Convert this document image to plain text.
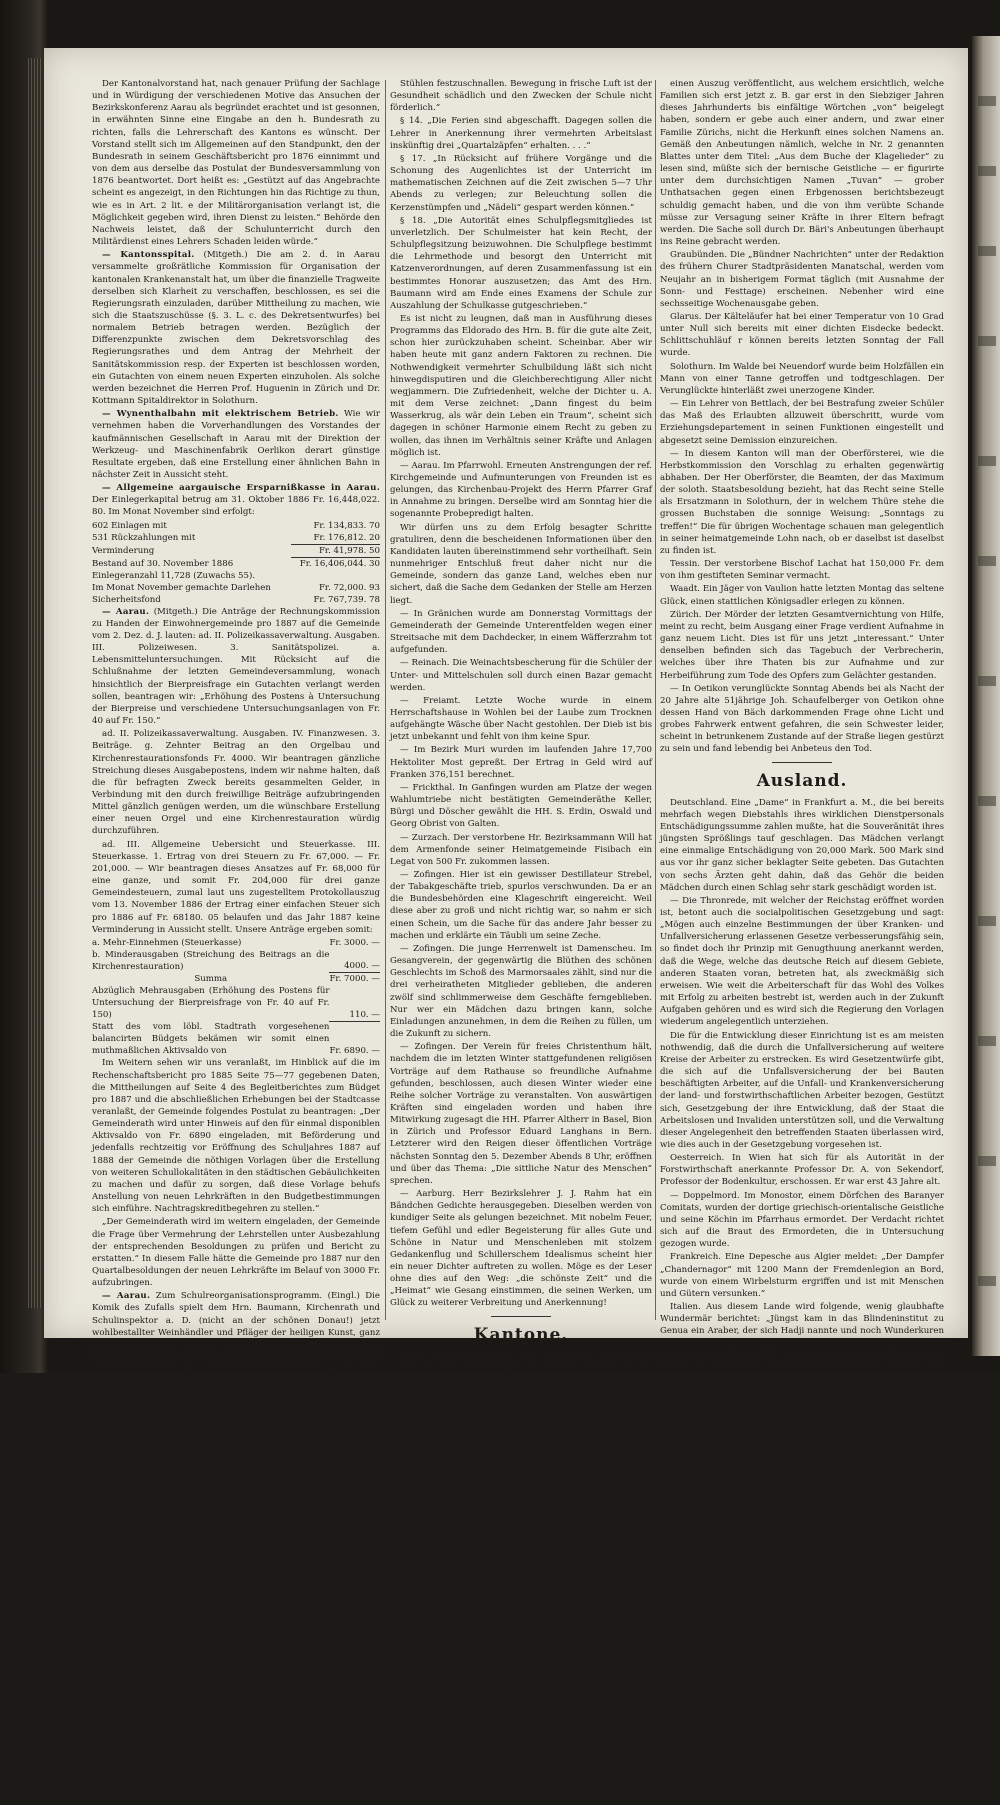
Der Kantonalvorstand hat, nach genauer Prüfung der Sachlage und in Würdigung der verschiedenen Motive das Ansuchen der Bezirkskonferenz Aarau als begründet erachtet und ist gesonnen, in erwähnten Sinne eine Eingabe an den h. Bundesrath zu richten, falls die Lehrerschaft des Kantons es wünscht. Der Vorstand stellt sich im Allgemeinen auf den Standpunkt, den der Bundesrath in seinem Geschäftsbericht pro 1876 einnimmt und von dem aus derselbe das Postulat der Bundesversammlung von 1876 beantwortet. Dort heißt es: „Gestützt auf das Angebrachte scheint es angezeigt, in den Richtungen hin das Richtige zu thun, wie es in Art. 2 lit. e der Militärorganisation verlangt ist, die Möglichkeit gegeben wird, ihren Dienst zu leisten.“ Behörde den Nachweis leistet, daß der Schulunterricht durch den Militärdienst eines Lehrers Schaden leiden würde.“

— Kantonsspital. (Mitgeth.) Die am 2. d. in Aarau versammelte großrätliche Kommission für Organisation der kantonalen Krankenanstalt hat, um über die finanzielle Tragweite derselben sich Klarheit zu verschaffen, beschlossen, es sei die Regierungsrath einzuladen, darüber Mittheilung zu machen, wie sich die Staatszuschüsse (§. 3. L. c. des Dekretsentwurfes) bei normalem Betrieb betragen werden. Bezüglich der Differenzpunkte zwischen dem Dekretsvorschlag des Regierungsrathes und dem Antrag der Mehrheit der Sanitätskommission resp. der Experten ist beschlossen worden, ein Gutachten von einem neuen Experten einzuholen. Als solche werden bezeichnet die Herren Prof. Huguenin in Zürich und Dr. Kottmann Spitaldirektor in Solothurn.

— Wynenthalbahn mit elektrischem Betrieb. Wie wir vernehmen haben die Vorverhandlungen des Vorstandes der kaufmännischen Gesellschaft in Aarau mit der Direktion der Werkzeug- und Maschinenfabrik Oerlikon derart günstige Resultate ergeben, daß eine Erstellung einer ähnlichen Bahn in nächster Zeit in Aussicht steht.

— Allgemeine aargauische Ersparnißkasse in Aarau. Der Einlegerkapital betrug am 31. Oktober 1886 Fr. 16,448,022. 80. Im Monat November sind erfolgt:

602 Einlagen mit	Fr. 134,833. 70
531 Rückzahlungen mit	Fr. 176,812. 20
Verminderung	Fr. 41,978. 50
Bestand auf 30. November 1886	Fr. 16,406,044. 30
Einlegeranzahl 11,728 (Zuwachs 55).	
Im Monat November gemachte Darlehen	Fr. 72,000. 93
Sicherheitsfond	Fr. 767,739. 78

— Aarau. (Mitgeth.) Die Anträge der Rechnungskommission zu Handen der Einwohnergemeinde pro 1887 auf die Gemeinde vom 2. Dez. d. J. lauten: ad. II. Polizeikassaverwaltung. Ausgaben. III. Polizeiwesen. 3. Sanitätspolizei. a. Lebensmitteluntersuchungen. Mit Rücksicht auf die Schlußnahme der letzten Gemeindeversammlung, wonach hinsichtlich der Bierpreisfrage ein Gutachten verlangt werden sollen, beantragen wir: „Erhöhung des Postens à Untersuchung der Bierpreise und verschiedene Untersuchungsanlagen von Fr. 40 auf Fr. 150.“

ad. II. Polizeikassaverwaltung. Ausgaben. IV. Finanzwesen. 3. Beiträge. g. Zehnter Beitrag an den Orgelbau und Kirchenrestaurationsfonds Fr. 4000. Wir beantragen gänzliche Streichung dieses Ausgabepostens, indem wir nahme halten, daß die für befragten Zweck bereits gesammelten Gelder, in Verbindung mit den durch freiwillige Beiträge aufzubringenden Mittel gänzlich genügen werden, um die wünschbare Erstellung einer neuen Orgel und eine Kirchenrestauration würdig durchzuführen.

ad. III. Allgemeine Uebersicht und Steuerkasse. III. Steuerkasse. 1. Ertrag von drei Steuern zu Fr. 67,000. — Fr. 201,000. — Wir beantragen dieses Ansatzes auf Fr. 68,000 für eine ganze, und somit Fr. 204,000 für drei ganze Gemeindesteuern, zumal laut uns zugestelltem Protokollauszug vom 13. November 1886 der Ertrag einer einfachen Steuer sich pro 1886 auf Fr. 68180. 05 belaufen und das Jahr 1887 keine Verminderung in Aussicht stellt. Unsere Anträge ergeben somit:

a. Mehr-Einnehmen (Steuerkasse)	Fr. 3000. —
b. Minderausgaben (Streichung des Beitrags an die Kirchenrestauration)	4000. —
Summa	Fr. 7000. —
Abzüglich Mehrausgaben (Erhöhung des Postens für Untersuchung der Bierpreisfrage von Fr. 40 auf Fr. 150)	110. —
Statt des vom löbl. Stadtrath vorgesehenen balancirten Büdgets bekämen wir somit einen muthmaßlichen Aktivsaldo von	Fr. 6890. —

Im Weitern sehen wir uns veranlaßt, im Hinblick auf die im Rechenschaftsbericht pro 1885 Seite 75—77 gegebenen Daten, die Mittheilungen auf Seite 4 des Begleitberichtes zum Büdget pro 1887 und die abschließlichen Erhebungen bei der Stadtcasse veranlaßt, der Gemeinde folgendes Postulat zu beantragen: „Der Gemeinderath wird unter Hinweis auf den für einmal disponiblen Aktivsaldo von Fr. 6890 eingeladen, mit Beförderung und jedenfalls rechtzeitig vor Eröffnung des Schuljahres 1887 auf 1888 der Gemeinde die nöthigen Vorlagen über die Erstellung von weiteren Schullokalitäten in den städtischen Gebäulichkeiten zu machen und dafür zu sorgen, daß diese Vorlage behufs Anstellung von neuen Lehrkräften in den Budgetbestimmungen sich einführe. Nachtragskreditbegehren zu stellen.“

„Der Gemeinderath wird im weitern eingeladen, der Gemeinde die Frage über Vermehrung der Lehrstellen unter Ausbezahlung der entsprechenden Besoldungen zu prüfen und Bericht zu erstatten.“ In diesem Falle hätte die Gemeinde pro 1887 nur den Quartalbesoldungen der neuen Lehrkräfte im Belauf von 3000 Fr. aufzubringen.

— Aarau. Zum Schulreorganisationsprogramm. (Eingl.) Die Komik des Zufalls spielt dem Hrn. Baumann, Kirchenrath und Schulinspektor a. D. (nicht an der schönen Donau!) jetzt wohlbestallter Weinhändler und Pfläger der heiligen Kunst, ganz artige Schnippchen. Die Art und Weise, wie er in seiner Jugend seine Ausdrücke wählte, ist für einmal gesagt: „Käse, Schnäbeli und Hörnli“ könnte einer heutigen Zeit nicht mehr passen. Sein Postulat hat dies mit seinem lebhaften Sekundärunterrichte zu thun, der in keiner Weise einem „modernen“ Bildungswesen entsprach. Dieser § 11 heißt:

„Das Maximum der Schülerzahl einer Schulklasse darf 200 nicht übersteigen. Behufs Aufrechterhaltung der Ordnung ist für je zwanzig Schüler von dem Lehrer ein Monitor (Aufseher) zu bezeichnen, welche unter Aufsicht des Lehrers (Wachhalter) für ihre Schüler zu sorgen.“ Ferner: „§ 12. Zur Verhütung etwaigen Zeitverlusts bei dem Stundenwechsel ist nach der Dauer einer Unterrichtsstunde je 63 Minuten ausgelassen, daß der Lehrer und die Schüler der nachfolgenden Klasse im Schulzimmer ist zu sorgen. Der Unterricht darf nicht gestört werden.“

§ 13. „Um Störungen zu vermeiden, sind die Kinder an den

Stühlen festzuschnallen. Bewegung in frische Luft ist der Gesundheit schädlich und den Zwecken der Schule nicht förderlich.“

§ 14. „Die Ferien sind abgeschafft. Dagegen sollen die Lehrer in Anerkennung ihrer vermehrten Arbeitslast inskünftig drei „Quartalzäpfen“ erhalten. . . .“

§ 17. „In Rücksicht auf frühere Vorgänge und die Schonung des Augenlichtes ist der Unterricht im mathematischen Zeichnen auf die Zeit zwischen 5—7 Uhr Abends zu verlegen; zur Beleuchtung sollen die Kerzenstümpfen und „Nädeli“ gespart werden können.“

§ 18. „Die Autorität eines Schulpflegsmitgliedes ist unverletzlich. Der Schulmeister hat kein Recht, der Schulpflegsitzung beizuwohnen. Die Schulpflege bestimmt die Lehrmethode und besorgt den Unterricht mit Katzenverordnungen, auf deren Zusammenfassung ist ein bestimmtes Honorar auszusetzen; das Amt des Hrn. Baumann wird am Ende eines Examens der Schule zur Auszahlung der Schulkasse gutgeschrieben.“

Es ist nicht zu leugnen, daß man in Ausführung dieses Programms das Eldorado des Hrn. B. für die gute alte Zeit, schon hier zurückzuhaben scheint. Scheinbar. Aber wir haben heute mit ganz andern Faktoren zu rechnen. Die Nothwendigkeit vermehrter Schulbildung läßt sich nicht hinwegdisputiren und die Gleichberechtigung Aller nicht wegjammern. Die Zufriedenheit, welche der Dichter u. A. mit dem Verse zeichnet: „Dann fingest du beim Wasserkrug, als wär dein Leben ein Traum“, scheint sich dagegen in schöner Harmonie einem Recht zu geben zu wollen, das ihnen im Verhältnis seiner Kräfte und Anlagen möglich ist.

— Aarau. Im Pfarrwohl. Erneuten Anstrengungen der ref. Kirchgemeinde und Aufmunterungen von Freunden ist es gelungen, das Kirchenbau-Projekt des Herrn Pfarrer Graf in Annahme zu bringen. Derselbe wird am Sonntag hier die sogenannte Probepredigt halten.

Wir dürfen uns zu dem Erfolg besagter Schritte gratuliren, denn die bescheidenen Informationen über den Kandidaten lauten übereinstimmend sehr vortheilhaft. Sein nunmehriger Entschluß freut daher nicht nur die Gemeinde, sondern das ganze Land, welches eben nur sichert, daß die Sache dem Gedanken der Stelle am Herzen liegt.

— In Gränichen wurde am Donnerstag Vormittags der Gemeinderath der Gemeinde Unterentfelden wegen einer Streitsache mit dem Dachdecker, in einem Wäfferzrahm tot aufgefunden.

— Reinach. Die Weinachtsbescherung für die Schüler der Unter- und Mittelschulen soll durch einen Bazar gemacht werden.

— Freiamt. Letzte Woche wurde in einem Herrschaftshause in Wohlen bei der Laube zum Trocknen aufgehängte Wäsche über Nacht gestohlen. Der Dieb ist bis jetzt unbekannt und fehlt von ihm keine Spur.

— Im Bezirk Muri wurden im laufenden Jahre 17,700 Hektoliter Most gepreßt. Der Ertrag in Geld wird auf Franken 376,151 berechnet.

— Frickthal. In Ganfingen wurden am Platze der wegen Wahlumtriebe nicht bestätigten Gemeinderäthe Keller, Bürgi und Döscher gewählt die HH. S. Erdin, Oswald und Georg Obrist von Galten.

— Zurzach. Der verstorbene Hr. Bezirksammann Will hat dem Armenfonde seiner Heimatgemeinde Fisibach ein Legat von 500 Fr. zukommen lassen.

— Zofingen. Hier ist ein gewisser Destillateur Strebel, der Tabakgeschäfte trieb, spurlos verschwunden. Da er an die Bundesbehörden eine Klageschrift eingereicht. Weil diese aber zu groß und nicht richtig war, so nahm er sich einen Schein, um die Sache für das andere Jahr besser zu machen und erklärte ein Täubli um seine Zeche.

— Zofingen. Die junge Herrenwelt ist Damenscheu. Im Gesangverein, der gegenwärtig die Blüthen des schönen Geschlechts im Schoß des Marmorsaales zählt, sind nur die drei verheiratheten Mitglieder geblieben, die anderen zwölf sind schlimmerweise dem Geschäfte ferngeblieben. Nur wer ein Mädchen dazu bringen kann, solche Einladungen anzunehmen, in dem die Reihen zu füllen, um die Zukunft zu sichern.

— Zofingen. Der Verein für freies Christenthum hält, nachdem die im letzten Winter stattgefundenen religiösen Vorträge auf dem Rathause so freundliche Aufnahme gefunden, beschlossen, auch diesen Winter wieder eine Reihe solcher Vorträge zu veranstalten. Von auswärtigen Kräften sind eingeladen worden und haben ihre Mitwirkung zugesagt die HH. Pfarrer Altherr in Basel, Bion in Zürich und Professor Eduard Langhans in Bern. Letzterer wird den Reigen dieser öffentlichen Vorträge nächsten Sonntag den 5. Dezember Abends 8 Uhr, eröffnen und über das Thema: „Die sittliche Natur des Menschen“ sprechen.

— Aarburg. Herr Bezirkslehrer J. J. Rahm hat ein Bändchen Gedichte herausgegeben. Dieselben werden von kundiger Seite als gelungen bezeichnet. Mit nobelm Feuer, tiefem Gefühl und edler Begeisterung für alles Gute und Schöne in Natur und Menschenleben mit stolzem Gedankenflug und Schillerschem Idealismus scheint hier ein neuer Dichter auftreten zu wollen. Möge es der Leser ohne dies auf den Weg: „die schönste Zeit“ und die „Heimat“ wie Gesang einstimmen, die seinen Werken, um Glück zu weiterer Verbreitung und Anerkennung!

Kantone.

Basel. In den Anlagen der Claramatte wurde der Leichnam einer Frauensperson entdeckt, welche in der Montag-Nacht, ihren Tod durch Erwürgen gefunden hatte. Als des Raubmordes verdächtig ist ein junger Arbeiter und Bursch verhaftet worden, der sich mit der Frauensperson in den Lokalen hatte sehen lassen und welcher bei der Verhaftung seine Uhr auf seine Schuldwissenschaft hinweist. Die Verhaftung ist daher nicht zu leugnen.

— Am 21. November hielt Herr Professor Bunge einen Vortrag wider den Alkoholgenuß. Derselbe schien nicht ganz die wünschenswerthen Folgen bleiben zu sollen. Unter der Basler Studentenschaft ist ein Verein entstanden, der sich gemeinsam mit der Überzeugung ausgesprochen, daß der Alkohol Gift, in dem Genuß dieses gefährlichen Stoffes gänzlich entsagen werde.

— Basel. Der gewesene Lehrer Duthaler wurde wegen Unterschlagung zu 2½ Jahren Zuchthaus, 10 Jahre Einstellung im Aktiv-Bürgerrecht, Schadenersatz und Deckung der Prozeßkosten verurtheilt.

Baselland. Einen vernünftigen Beschluß faßte die Gemeinde Lupsingen, indem sie daß Hochzeitschießen, bei dem schon so viel Unglück entstand, verbot. Verboten werden auf das ebenfalls beliebte Sell- und Kettenspannen über die Straße, beiden Passanten schon manches schreckliche Ungemach begegnet ist und die bei Bestrafung nicht mehr geduldet werden soll.

Bern. Im Offiziersverein der Stadt Bern hielt Oberst Feiß einen Vortrag über das „Unternehmen des gesammten Militärwesens durch den Bund“.

— Bern. Die von „Dr. Bäri“ herausgegebene zweite Nummer seines Werkes „Weiß- und Schwarzes“ lasse an Schärfe und Grimmigkeit an ingrimmiger Verfolgung alles Faulen „im Staate Dänemark“ wenig zu wünschen übrig. Wer sich mit den üblen Zuständen im Bernerland vertraut machen will, wird in den Blättern manches finden, das er bisher noch nicht kannte. Im Ganzen ein Buch, das wir allen Lesern empfehlen.

einen Auszug veröffentlicht, aus welchem ersichtlich, welche Familien sich erst jetzt z. B. gar erst in den Siebziger Jahren dieses Jahrhunderts bis einfältige Wörtchen „von“ beigelegt haben, sondern er gebe auch einer andern, und zwar einer Familie Zürichs, nicht die Herkunft eines solchen Namens an. Gemäß den Anbeutungen nämlich, welche in Nr. 2 genannten Blattes unter dem Titel: „Aus dem Buche der Klagelieder“ zu lesen sind, müßte sich der bernische Geistliche — er figurirte unter dem durchsichtigen Namen „Tuvan“ — grober Unthatsachen gegen einen Erbgenossen berichtsbezeugt schuldig gemacht haben, und die von ihm verübte Schande müsse zur Versagung seiner Kräfte in ihrer Eltern befragt werden. Die Sache soll durch Dr. Bäri's Anbeutungen überhaupt ins Reine gebracht werden.

Graubünden. Die „Bündner Nachrichten“ unter der Redaktion des frühern Churer Stadtpräsidenten Manatschal, werden vom Neujahr an in bisherigem Format täglich (mit Ausnahme der Sonn- und Festtage) erscheinen. Nebenher wird eine sechsseitige Wochenausgabe geben.

Glarus. Der Kälteläufer hat bei einer Temperatur von 10 Grad unter Null sich bereits mit einer dichten Eisdecke bedeckt. Schlittschuhläuf r können bereits letzten Sonntag der Fall wurde.

Solothurn. Im Walde bei Neuendorf wurde beim Holzfällen ein Mann von einer Tanne getroffen und todtgeschlagen. Der Verunglückte hinterläßt zwei unerzogene Kinder.

— Ein Lehrer von Bettlach, der bei Bestrafung zweier Schüler das Maß des Erlaubten allzuweit überschritt, wurde vom Erziehungsdepartement in seinen Funktionen eingestellt und abgesetzt seine Demission einzureichen.

— In diesem Kanton will man der Oberförsterei, wie die Herbstkommission den Vorschlag zu erhalten gegenwärtig abhaben. Der Her Oberförster, die Beamten, der das Maximum der soloth. Staatsbesoldung bezieht, hat das Recht seine Stelle als Ersatzmann in Solothurn, der in welchem Thüre stehe die grossen Buchstaben die sonnige Weisung: „Sonntags zu treffen!“ Die für übrigen Wochentage schauen man gelegentlich in seiner heimatgemeinde Lohn nach, ob er daselbst ist daselbst zu finden ist.

Tessin. Der verstorbene Bischof Lachat hat 150,000 Fr. dem von ihm gestifteten Seminar vermacht.

Waadt. Ein Jäger von Vaulion hatte letzten Montag das seltene Glück, einen stattlichen Königsadler erlegen zu können.

Zürich. Der Mörder der letzten Gesamtvernichtung von Hilfe, meint zu recht, beim Ausgang einer Frage verdient Aufnahme in ganz neuem Licht. Dies ist für uns jetzt „interessant.“ Unter denselben befinden sich das Tagebuch der Verbrecherin, welches über ihre Thaten bis zur Aufnahme und zur Herbeiführung zum Tode des Opfers zum Gelächter gestanden.

— In Oetikon verunglückte Sonntag Abends bei als Nacht der 20 Jahre alte 51jährige Joh. Schaufelberger von Oetikon ohne dessen Hand von Bäch darkommenden Frage ohne Licht und grobes Fahrwerk entwent gefahren, die sein Schwester leider, scheint in betrunkenem Zustande auf der Straße liegen gestürzt zu sein und fand lebendig bei Anbeteus den Tod.

Ausland.

Deutschland. Eine „Dame“ in Frankfurt a. M., die bei bereits mehrfach wegen Diebstahls ihres wirklichen Dienstpersonals Entschädigungssumme zahlen mußte, hat die Souveränität ihres jüngsten Sprößlings tauf geschlagen. Das Mädchen verlangt eine einmalige Entschädigung von 20,000 Mark. 500 Mark sind aus vor ihr ganz sicher beklagter Seite gebeten. Das Gutachten von sechs Ärzten geht dahin, daß das Gehör die beiden Mädchen durch einen Schlag sehr stark geschädigt worden ist.

— Die Thronrede, mit welcher der Reichstag eröffnet worden ist, betont auch die socialpolitischen Gesetzgebung und sagt: „Mögen auch einzelne Bestimmungen der über Kranken- und Unfallversicherung erlassenen Gesetze verbesserungsfähig sein, so findet doch ihr Prinzip mit Genugthuung anerkannt werden, daß die Wege, welche das deutsche Reich auf diesem Gebiete, anderen Staaten voran, betreten hat, als zweckmäßig sich erweisen. Wie weit die Arbeiterschaft für das Wohl des Volkes mit Erfolg zu arbeiten bestrebt ist, werden auch in der Zukunft Aufgaben gehören und es wird sich die Regierung den Vorlagen wiederum angelegentlich unterziehen.

Die für die Entwicklung dieser Einrichtung ist es am meisten nothwendig, daß die durch die Unfallversicherung auf weitere Kreise der Arbeiter zu erstrecken. Es wird Gesetzentwürfe gibt, die sich auf die Unfallsversicherung der bei Bauten beschäftigten Arbeiter, auf die Unfall- und Krankenversicherung der land- und forstwirthschaftlichen Arbeiter bezogen, Gestützt sich, Gesetzgebung der ihre Entwicklung, daß der Staat die Arbeitslosen und Invaliden unterstützen soll, und die Verwaltung dieser Angelegenheit den betreffenden Staaten überlassen wird, wie dies auch in der Gesetzgebung vorgesehen ist.

Oesterreich. In Wien hat sich für als Autorität in der Forstwirthschaft anerkannte Professor Dr. A. von Sekendorf, Professor der Bodenkultur, erschossen. Er war erst 43 Jahre alt.

— Doppelmord. Im Monostor, einem Dörfchen des Baranyer Comitats, wurden der dortige griechisch-orientalische Geistliche und seine Köchin im Pfarrhaus ermordet. Der Verdacht richtet sich auf die Braut des Ermordeten, die in Untersuchung gezogen wurde.

Frankreich. Eine Depesche aus Algier meldet: „Der Dampfer „Chandernagor“ mit 1200 Mann der Fremdenlegion an Bord, wurde von einem Wirbelsturm ergriffen und ist mit Menschen und Gütern versunken.“

Italien. Aus diesem Lande wird folgende, wenig glaubhafte Wundermär berichtet: „Jüngst kam in das Blindeninstitut zu Genua ein Araber, der sich Hadji nannte und noch Wunderkuren anbot. Der Araber erklärte, er sei im Besitze eines Mittels, durch welches er blinde Personen in kürzester Zeit heilen könne. Er erhielt nun einen Fall zum Versuch, in 6 Wochen vollkommen heilte sei. Die Resultate des Mannes wären nach den Berichten italienischer Blätter wahrhaft wunderbare. „Leichtere Krankheiten, Lähmung, Gicht, Skrofulose werden nicht geheilt, die schwereren Fälle, darunter Leute, welche seit 20 und mehr Jahren blind waren, und an allen Ärzten als unheilbar erklärt waren, zeigten nach 2 Wochen auffallende Fortschritte; einige begannen zu sehen(?)“.

England. Irland wird nicht zur Ruhe kommen, bis es sein Home Rule errungen hat. Die Agitation ist neuerdings in eine bedenkliche Phase getreten. In Irland ist das Landvolk in Westirland durch starke Meetings aufgewühlt worden und die Polizei in einem benachbarten Dorf ist gekommen, welches ein Nationalist, die Nationalisten haben O'Brien und John Dillon sehr heftigen Angriffen gegen die Regierung gemacht; sie haben die Pächter gelehrt, keine Pacht zu zahlen. Die Regierung befahl O'Brien, die Dillon gerichtlich zu verfolgen.

— In London sind die englischen Polizei zu festzunehmen.

— Eine Belohnung für treue Dienste, die von Seiten eines Geschäftsmannes an Größe wohl einzig dastehen dürfte, wird aus Dublin gemeldet. Dort wurde nämlich am Sonnabend bekannt,
